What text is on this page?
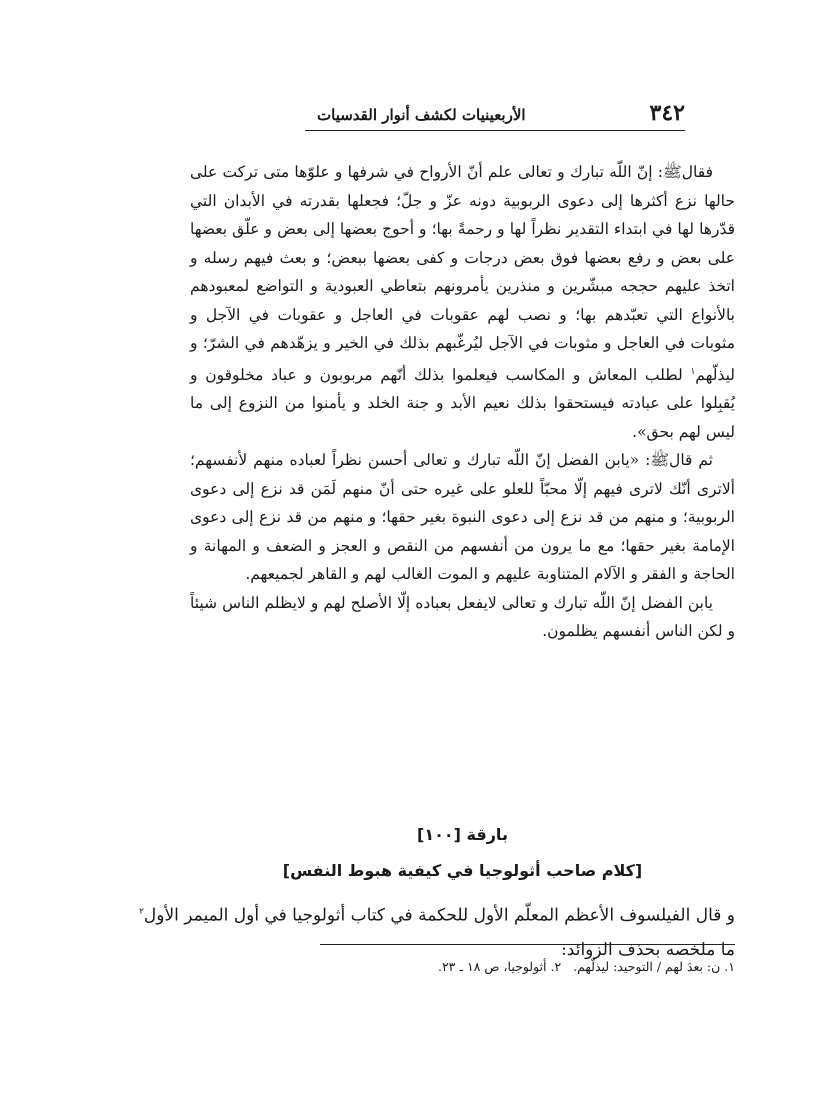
٣٤٢
الأربعينيات لكشف أنوار القدسيات

فقال‌ﷺ: إنّ اللّه تبارك و تعالى علم أنّ الأرواح في شرفها و علوّها متى تركت على حالها نزع أكثرها إلى دعوى الربوبية دونه عزّ و جلّ؛ فجعلها بقدرته في الأبدان التي قدّرها لها في ابتداء التقدير نظراً لها و رحمةً بها؛ و أحوج بعضها إلى بعض و علّق بعضها على بعض و رفع بعضها فوق بعض درجات و كفى بعضها ببعض؛ و بعث فيهم رسله و اتخذ عليهم حججه مبشّرين و منذرين يأمرونهم بتعاطي العبودية و التواضع لمعبودهم بالأنواع التي تعبّدهم بها؛ و نصب لهم عقوبات في العاجل و عقوبات في الآجل و مثوبات في العاجل و مثوبات في الآجل ليُرغّبهم بذلك في الخير و يزهّدهم في الشرّ؛ و ليذلّهم$^١$ لطلب المعاش و المكاسب فيعلموا بذلك أنّهم مربوبون و عباد مخلوقون و يُقبِلوا على عبادته فيستحقوا بذلك نعيم الأبد و جنة الخلد و يأمنوا من النزوع إلى ما ليس لهم بحق».

ثم قال‌ﷺ: «يابن الفضل إنّ اللّه تبارك و تعالى أحسن نظراً لعباده منهم لأنفسهم؛ ألاترى أنّك لاترى فيهم إلّا محبّاً للعلو على غيره حتى أنّ منهم لَمَن قد نزع إلى دعوى الربوبية؛ و منهم من قد نزع إلى دعوى النبوة بغير حقها؛ و منهم من قد نزع إلى دعوى الإمامة بغير حقها؛ مع ما يرون من أنفسهم من النقص و العجز و الضعف و المهانة و الحاجة و الفقر و الآلام المتناوبة عليهم و الموت الغالب لهم و القاهر لجميعهم.

يابن الفضل إنّ اللّه تبارك و تعالى لايفعل بعباده إلّا الأصلح لهم و لايظلم الناس شيئاً و لكن الناس أنفسهم يظلمون.

بارقة [١٠٠]
[كلام صاحب أثولوجيا في كيفية هبوط النفس]
و قال الفيلسوف الأعظم المعلّم الأول للحكمة في كتاب أثولوجيا في أول الميمر الأول$^٢$
ما ملخصه بحذف الزوائد:
١. ن: بعدَ لهم / التوحيد: ليذلّهم.   ٢. أثولوجيا، ص ١٨ ـ ٢٣.
